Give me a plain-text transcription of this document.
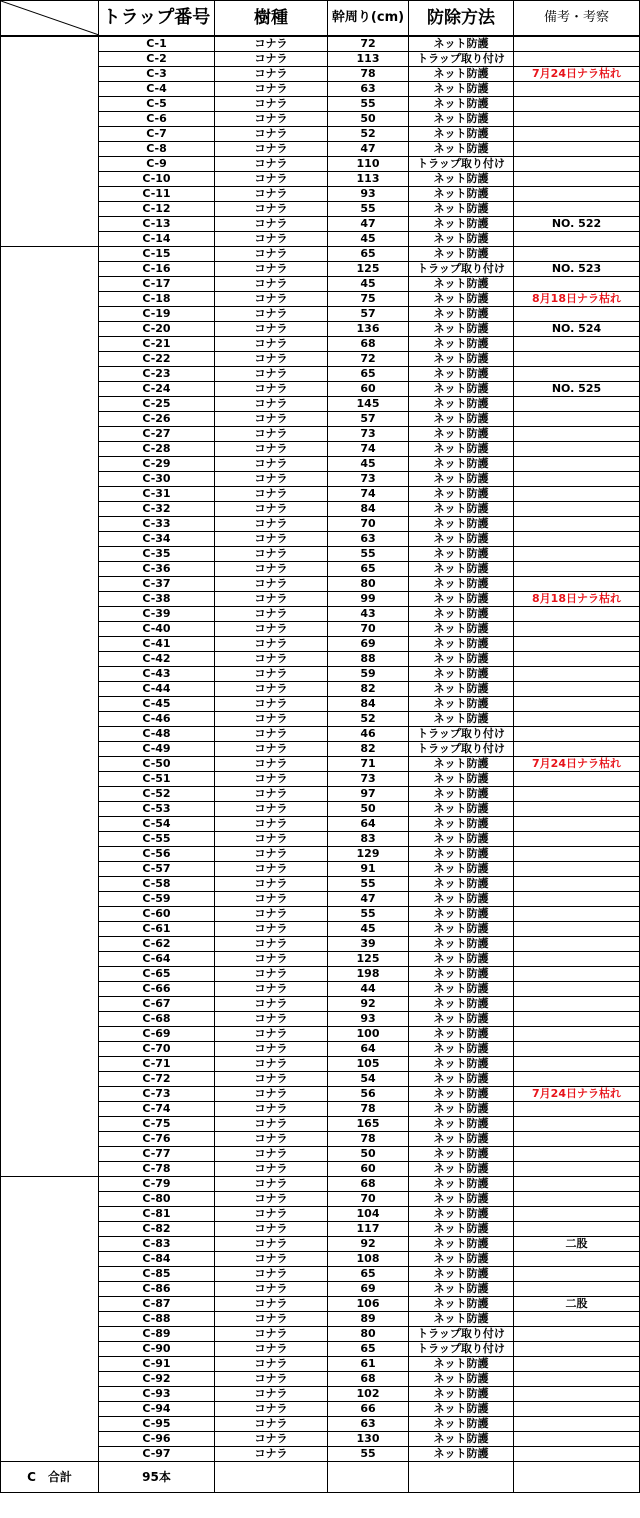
	トラップ番号	樹種	幹周り(cm)	防除方法	備考・考察
	C-1	コナラ	72	ネット防護	
	C-2	コナラ	113	トラップ取り付け	
	C-3	コナラ	78	ネット防護	7月24日ナラ枯れ
	C-4	コナラ	63	ネット防護	
	C-5	コナラ	55	ネット防護	
	C-6	コナラ	50	ネット防護	
	C-7	コナラ	52	ネット防護	
	C-8	コナラ	47	ネット防護	
	C-9	コナラ	110	トラップ取り付け	
	C-10	コナラ	113	ネット防護	
	C-11	コナラ	93	ネット防護	
	C-12	コナラ	55	ネット防護	
	C-13	コナラ	47	ネット防護	NO. 522
	C-14	コナラ	45	ネット防護	
	C-15	コナラ	65	ネット防護	
	C-16	コナラ	125	トラップ取り付け	NO. 523
	C-17	コナラ	45	ネット防護	
	C-18	コナラ	75	ネット防護	8月18日ナラ枯れ
	C-19	コナラ	57	ネット防護	
	C-20	コナラ	136	ネット防護	NO. 524
	C-21	コナラ	68	ネット防護	
	C-22	コナラ	72	ネット防護	
	C-23	コナラ	65	ネット防護	
	C-24	コナラ	60	ネット防護	NO. 525
	C-25	コナラ	145	ネット防護	
	C-26	コナラ	57	ネット防護	
	C-27	コナラ	73	ネット防護	
	C-28	コナラ	74	ネット防護	
	C-29	コナラ	45	ネット防護	
	C-30	コナラ	73	ネット防護	
	C-31	コナラ	74	ネット防護	
	C-32	コナラ	84	ネット防護	
	C-33	コナラ	70	ネット防護	
	C-34	コナラ	63	ネット防護	
	C-35	コナラ	55	ネット防護	
	C-36	コナラ	65	ネット防護	
	C-37	コナラ	80	ネット防護	
	C-38	コナラ	99	ネット防護	8月18日ナラ枯れ
	C-39	コナラ	43	ネット防護	
	C-40	コナラ	70	ネット防護	
	C-41	コナラ	69	ネット防護	
	C-42	コナラ	88	ネット防護	
	C-43	コナラ	59	ネット防護	
	C-44	コナラ	82	ネット防護	
	C-45	コナラ	84	ネット防護	
	C-46	コナラ	52	ネット防護	
	C-48	コナラ	46	トラップ取り付け	
	C-49	コナラ	82	トラップ取り付け	
	C-50	コナラ	71	ネット防護	7月24日ナラ枯れ
	C-51	コナラ	73	ネット防護	
	C-52	コナラ	97	ネット防護	
	C-53	コナラ	50	ネット防護	
	C-54	コナラ	64	ネット防護	
	C-55	コナラ	83	ネット防護	
	C-56	コナラ	129	ネット防護	
	C-57	コナラ	91	ネット防護	
	C-58	コナラ	55	ネット防護	
	C-59	コナラ	47	ネット防護	
	C-60	コナラ	55	ネット防護	
	C-61	コナラ	45	ネット防護	
	C-62	コナラ	39	ネット防護	
	C-64	コナラ	125	ネット防護	
	C-65	コナラ	198	ネット防護	
	C-66	コナラ	44	ネット防護	
	C-67	コナラ	92	ネット防護	
	C-68	コナラ	93	ネット防護	
	C-69	コナラ	100	ネット防護	
	C-70	コナラ	64	ネット防護	
	C-71	コナラ	105	ネット防護	
	C-72	コナラ	54	ネット防護	
	C-73	コナラ	56	ネット防護	7月24日ナラ枯れ
	C-74	コナラ	78	ネット防護	
	C-75	コナラ	165	ネット防護	
	C-76	コナラ	78	ネット防護	
	C-77	コナラ	50	ネット防護	
	C-78	コナラ	60	ネット防護	
	C-79	コナラ	68	ネット防護	
	C-80	コナラ	70	ネット防護	
	C-81	コナラ	104	ネット防護	
	C-82	コナラ	117	ネット防護	
	C-83	コナラ	92	ネット防護	二股
	C-84	コナラ	108	ネット防護	
	C-85	コナラ	65	ネット防護	
	C-86	コナラ	69	ネット防護	
	C-87	コナラ	106	ネット防護	二股
	C-88	コナラ	89	ネット防護	
	C-89	コナラ	80	トラップ取り付け	
	C-90	コナラ	65	トラップ取り付け	
	C-91	コナラ	61	ネット防護	
	C-92	コナラ	68	ネット防護	
	C-93	コナラ	102	ネット防護	
	C-94	コナラ	66	ネット防護	
	C-95	コナラ	63	ネット防護	
	C-96	コナラ	130	ネット防護	
	C-97	コナラ	55	ネット防護	
C　合計	95本				
